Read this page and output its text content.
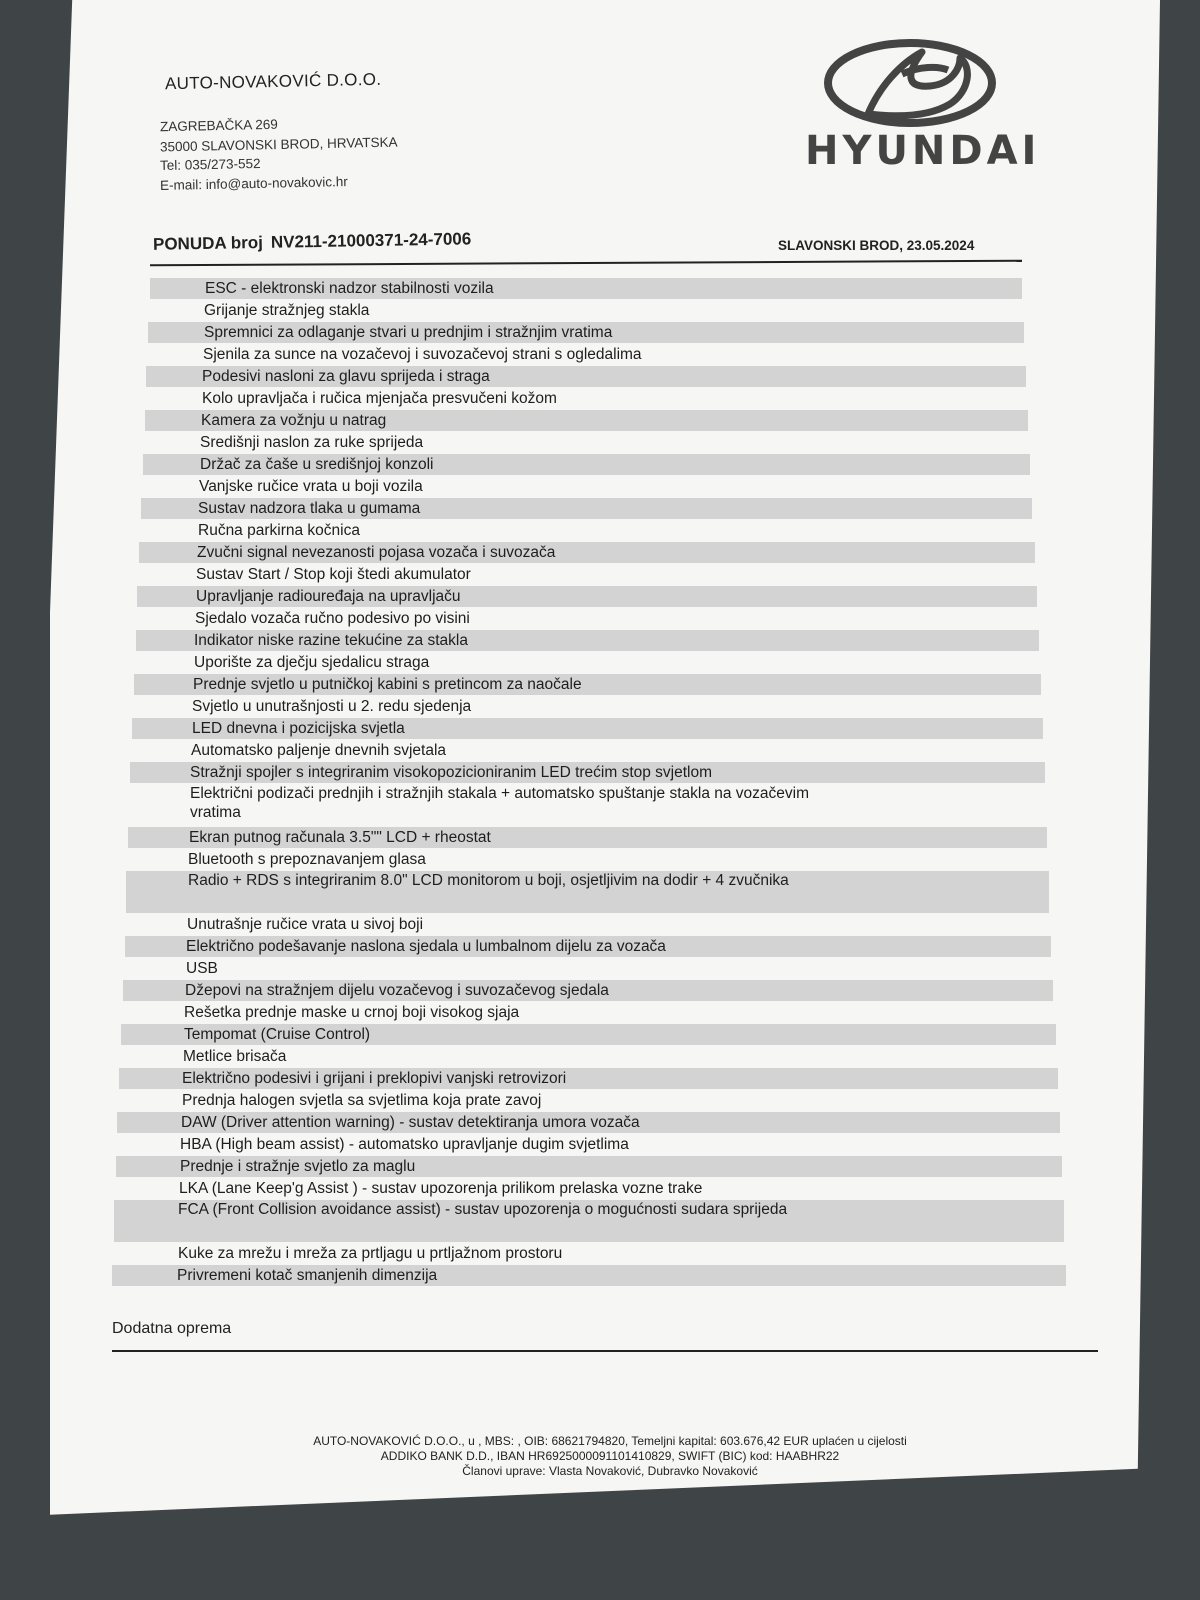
AUTO-NOVAKOVIĆ D.O.O.
ZAGREBAČKA 269
35000 SLAVONSKI BROD, HRVATSKA
Tel: 035/273-552
E-mail: info@auto-novakovic.hr
HYUNDAI
PONUDA broj NV211-21000371-24-7006	SLAVONSKI BROD, 23.05.2024
ESC - elektronski nadzor stabilnosti vozila
Grijanje stražnjeg stakla
Spremnici za odlaganje stvari u prednjim i stražnjim vratima
Sjenila za sunce na vozačevoj i suvozačevoj strani s ogledalima
Podesivi nasloni za glavu sprijeda i straga
Kolo upravljača i ručica mjenjača presvučeni kožom
Kamera za vožnju u natrag
Središnji naslon za ruke sprijeda
Držač za čaše u središnjoj konzoli
Vanjske ručice vrata u boji vozila
Sustav nadzora tlaka u gumama
Ručna parkirna kočnica
Zvučni signal nevezanosti pojasa vozača i suvozača
Sustav Start / Stop koji štedi akumulator
Upravljanje radiouređaja na upravljaču
Sjedalo vozača ručno podesivo po visini
Indikator niske razine tekućine za stakla
Uporište za dječju sjedalicu straga
Prednje svjetlo u putničkoj kabini s pretincom za naočale
Svjetlo u unutrašnjosti u 2. redu sjedenja
LED dnevna i pozicijska svjetla
Automatsko paljenje dnevnih svjetala
Stražnji spojler s integriranim visokopozicioniranim LED trećim stop svjetlom
Električni podizači prednjih i stražnjih stakala + automatsko spuštanje stakla na vozačevim vratima
Ekran putnog računala 3.5"" LCD + rheostat
Bluetooth s prepoznavanjem glasa
Radio + RDS s integriranim 8.0" LCD monitorom u boji, osjetljivim na dodir + 4 zvučnika
Unutrašnje ručice vrata u sivoj boji
Električno podešavanje naslona sjedala u lumbalnom dijelu za vozača
USB
Džepovi na stražnjem dijelu vozačevog i suvozačevog sjedala
Rešetka prednje maske u crnoj boji visokog sjaja
Tempomat (Cruise Control)
Metlice brisača
Električno podesivi i grijani i preklopivi vanjski retrovizori
Prednja halogen svjetla sa svjetlima koja prate zavoj
DAW (Driver attention warning) - sustav detektiranja umora vozača
HBA (High beam assist) - automatsko upravljanje dugim svjetlima
Prednje i stražnje svjetlo za maglu
LKA (Lane Keep'g Assist ) - sustav upozorenja prilikom prelaska vozne trake
FCA (Front Collision avoidance assist) - sustav upozorenja o mogućnosti sudara sprijeda
Kuke za mrežu i mreža za prtljagu u prtljažnom prostoru
Privremeni kotač smanjenih dimenzija
Dodatna oprema
AUTO-NOVAKOVIĆ D.O.O., u , MBS: , OIB: 68621794820, Temeljni kapital: 603.676,42 EUR uplaćen u cijelosti
ADDIKO BANK D.D., IBAN HR6925000091101410829, SWIFT (BIC) kod: HAABHR22
Članovi uprave: Vlasta Novaković, Dubravko Novaković
